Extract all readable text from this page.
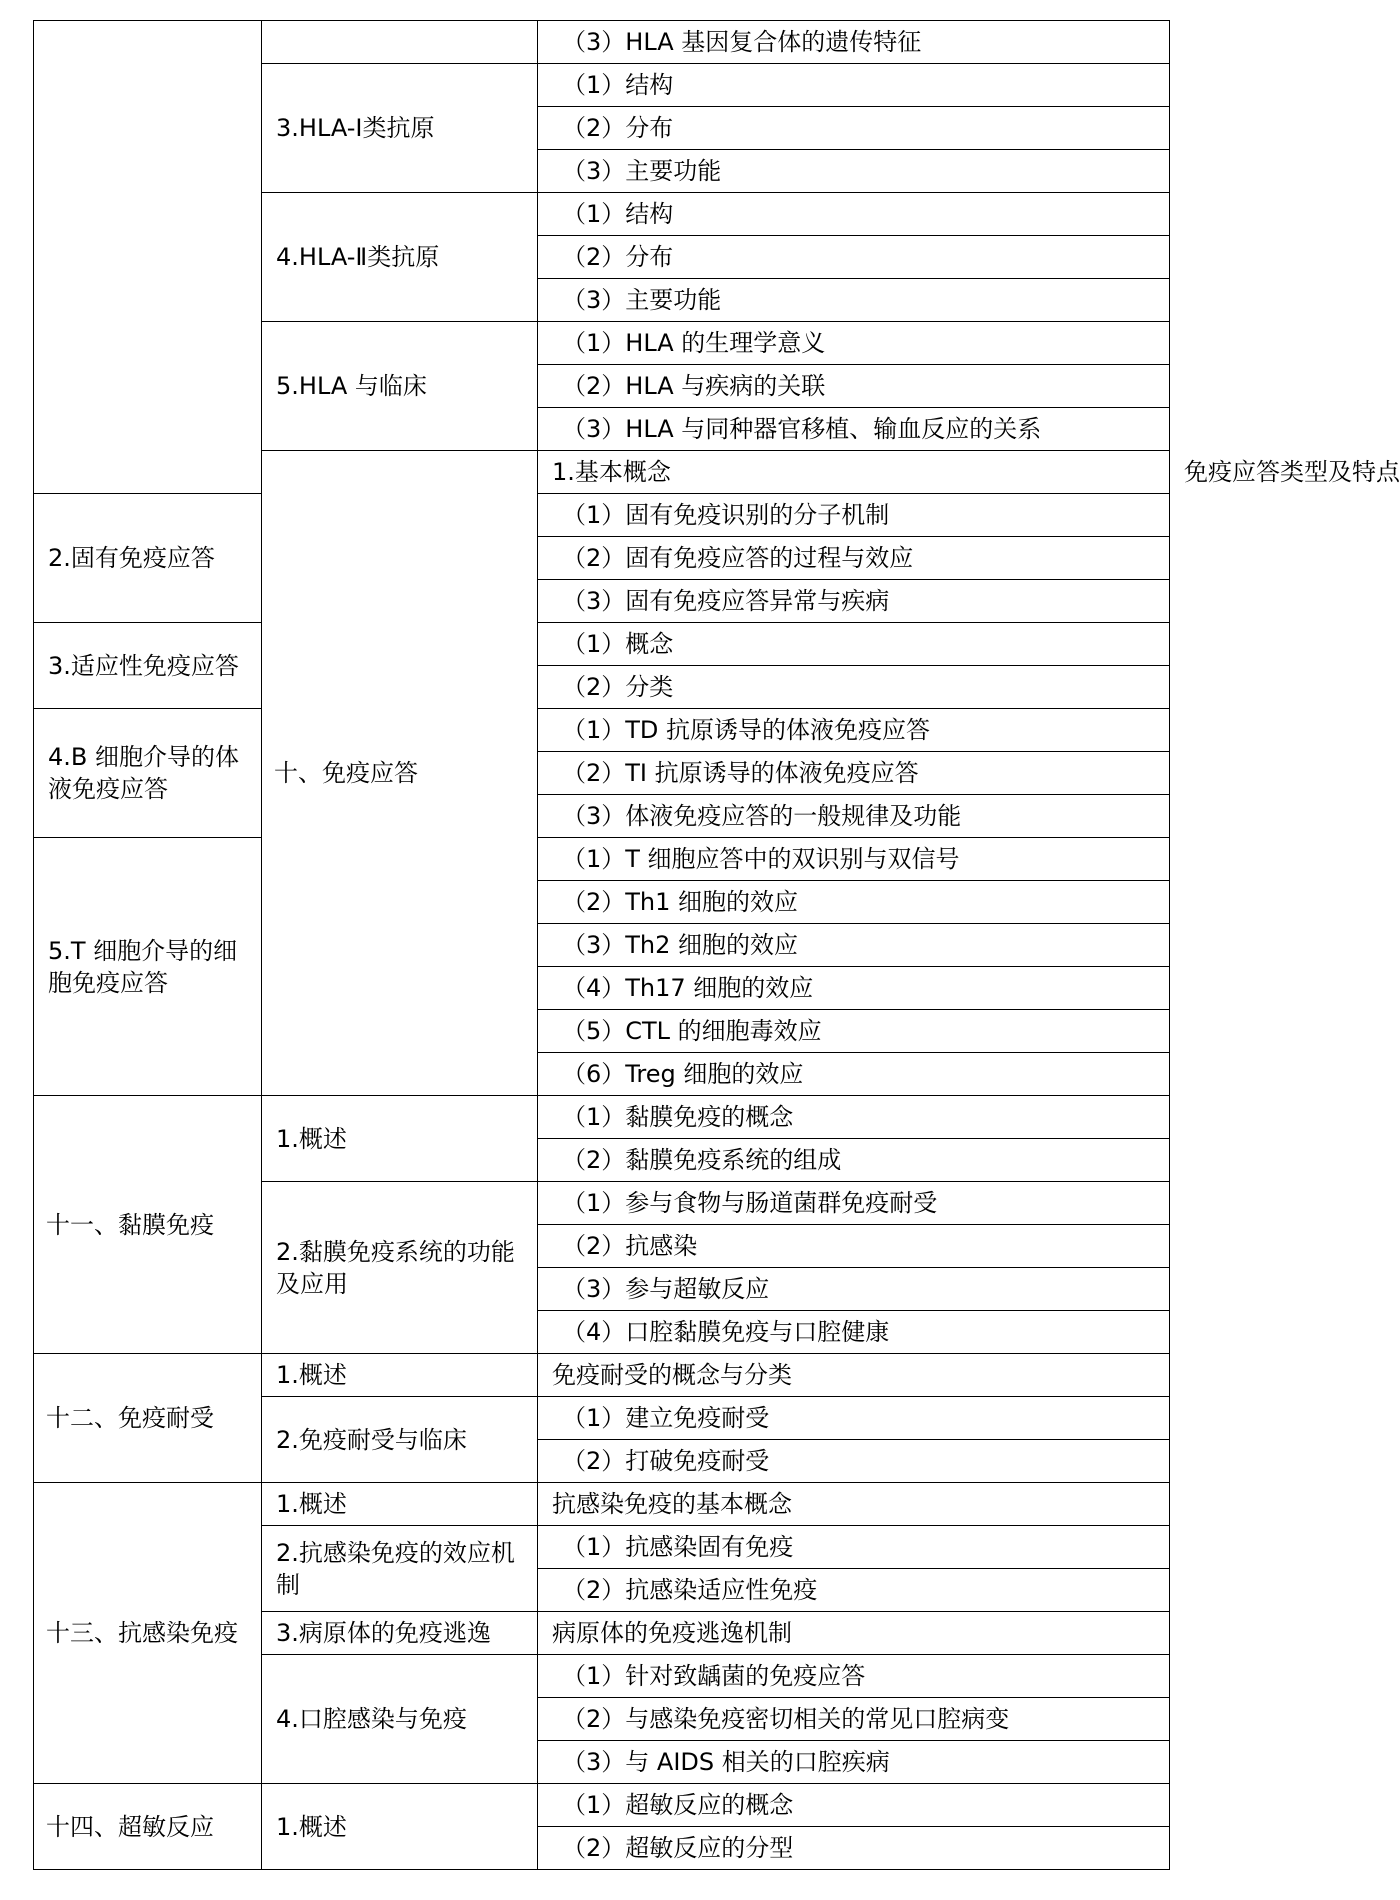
		（3）HLA 基因复合体的遗传特征	
	3.HLA-Ⅰ类抗原	（1）结构	
		（2）分布	
		（3）主要功能	
	4.HLA-Ⅱ类抗原	（1）结构	
		（2）分布	
		（3）主要功能	
	5.HLA 与临床	（1）HLA 的生理学意义	
		（2）HLA 与疾病的关联	
		（3）HLA 与同种器官移植、输血反应的关系	
	十、免疫应答	1.基本概念	免疫应答类型及特点
2.固有免疫应答		（1）固有免疫识别的分子机制	
		（2）固有免疫应答的过程与效应	
		（3）固有免疫应答异常与疾病	
3.适应性免疫应答		（1）概念	
		（2）分类	
4.B 细胞介导的体液免疫应答		（1）TD 抗原诱导的体液免疫应答	
		（2）TI 抗原诱导的体液免疫应答	
		（3）体液免疫应答的一般规律及功能	
5.T 细胞介导的细胞免疫应答		（1）T 细胞应答中的双识别与双信号	
		（2）Th1 细胞的效应	
		（3）Th2 细胞的效应	
		（4）Th17 细胞的效应	
		（5）CTL 的细胞毒效应	
		（6）Treg 细胞的效应	
十一、黏膜免疫	1.概述	（1）黏膜免疫的概念	
		（2）黏膜免疫系统的组成	
	2.黏膜免疫系统的功能及应用	（1）参与食物与肠道菌群免疫耐受	
		（2）抗感染	
		（3）参与超敏反应	
		（4）口腔黏膜免疫与口腔健康	
十二、免疫耐受	1.概述	免疫耐受的概念与分类	
	2.免疫耐受与临床	（1）建立免疫耐受	
		（2）打破免疫耐受	
十三、抗感染免疫	1.概述	抗感染免疫的基本概念	
	2.抗感染免疫的效应机制	（1）抗感染固有免疫	
		（2）抗感染适应性免疫	
	3.病原体的免疫逃逸	病原体的免疫逃逸机制	
	4.口腔感染与免疫	（1）针对致龋菌的免疫应答	
		（2）与感染免疫密切相关的常见口腔病变	
		（3）与 AIDS 相关的口腔疾病	
十四、超敏反应	1.概述	（1）超敏反应的概念	
		（2）超敏反应的分型	
